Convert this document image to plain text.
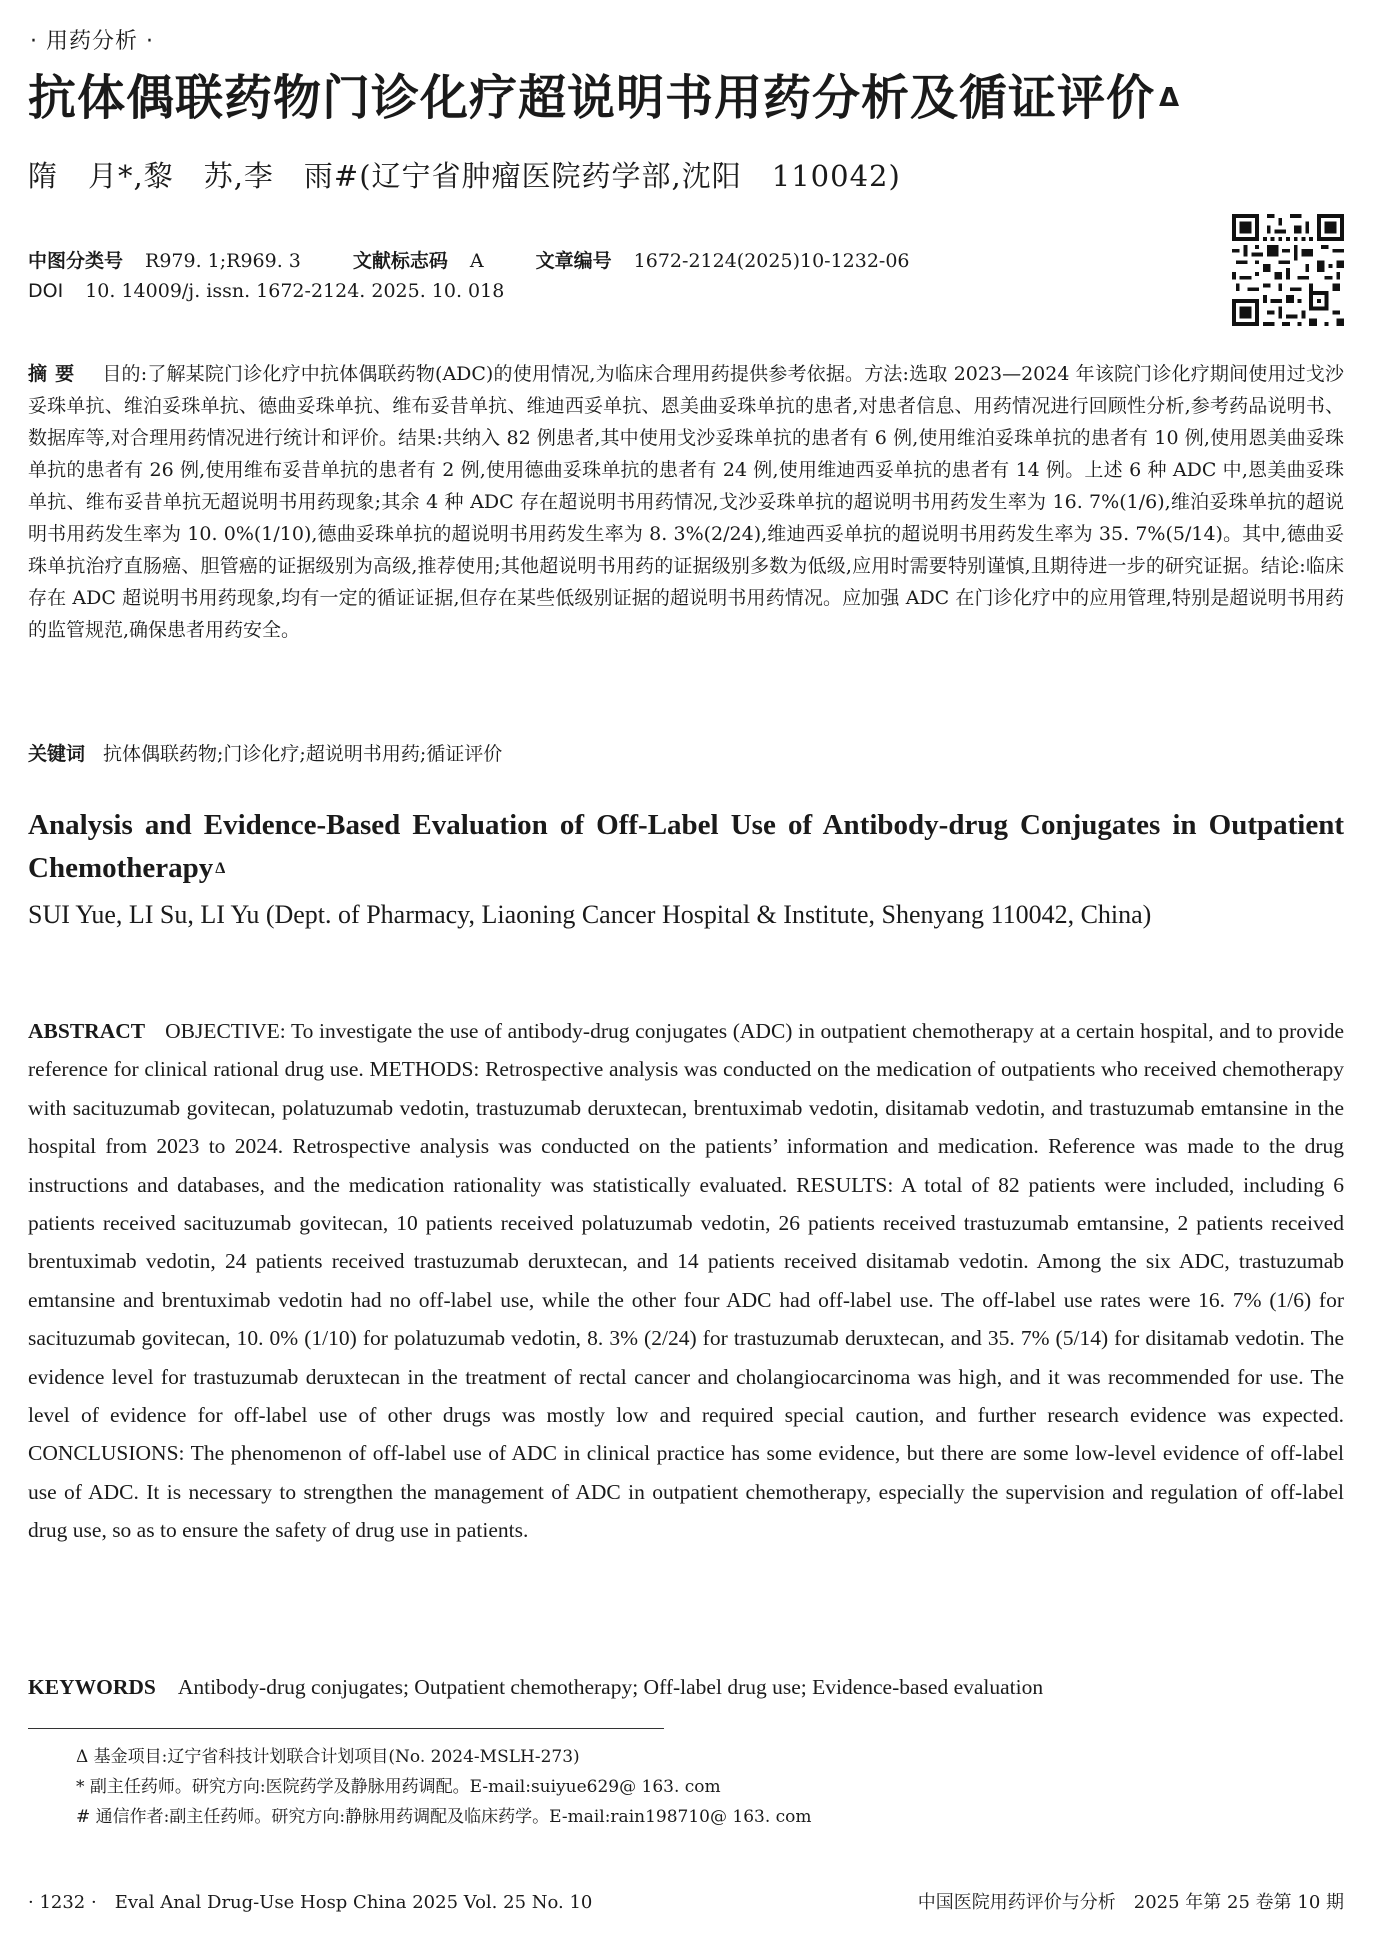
· 用药分析 ·
抗体偶联药物门诊化疗超说明书用药分析及循证评价 $^\Delta$
隋　月*,黎　苏,李　雨#(辽宁省肿瘤医院药学部,沈阳　110042)
中图分类号 R979. 1;R969. 3	文献标志码 A	文章编号 1672-2124(2025)10-1232-06
DOI 10. 14009/j. issn. 1672-2124. 2025. 10. 018
摘要 目的:了解某院门诊化疗中抗体偶联药物(ADC)的使用情况,为临床合理用药提供参考依据。方法:选取 2023—2024 年该院门诊化疗期间使用过戈沙妥珠单抗、维泊妥珠单抗、德曲妥珠单抗、维布妥昔单抗、维迪西妥单抗、恩美曲妥珠单抗的患者,对患者信息、用药情况进行回顾性分析,参考药品说明书、数据库等,对合理用药情况进行统计和评价。结果:共纳入 82 例患者,其中使用戈沙妥珠单抗的患者有 6 例,使用维泊妥珠单抗的患者有 10 例,使用恩美曲妥珠单抗的患者有 26 例,使用维布妥昔单抗的患者有 2 例,使用德曲妥珠单抗的患者有 24 例,使用维迪西妥单抗的患者有 14 例。上述 6 种 ADC 中,恩美曲妥珠单抗、维布妥昔单抗无超说明书用药现象;其余 4 种 ADC 存在超说明书用药情况,戈沙妥珠单抗的超说明书用药发生率为 16. 7%(1/6),维泊妥珠单抗的超说明书用药发生率为 10. 0%(1/10),德曲妥珠单抗的超说明书用药发生率为 8. 3%(2/24),维迪西妥单抗的超说明书用药发生率为 35. 7%(5/14)。其中,德曲妥珠单抗治疗直肠癌、胆管癌的证据级别为高级,推荐使用;其他超说明书用药的证据级别多数为低级,应用时需要特别谨慎,且期待进一步的研究证据。结论:临床存在 ADC 超说明书用药现象,均有一定的循证证据,但存在某些低级别证据的超说明书用药情况。应加强 ADC 在门诊化疗中的应用管理,特别是超说明书用药的监管规范,确保患者用药安全。
关键词 抗体偶联药物;门诊化疗;超说明书用药;循证评价
Analysis and Evidence-Based Evaluation of Off-Label Use of Antibody-drug Conjugates in Outpatient Chemotherapy $^\Delta$
SUI Yue, LI Su, LI Yu (Dept. of Pharmacy, Liaoning Cancer Hospital & Institute, Shenyang 110042, China)
ABSTRACT OBJECTIVE: To investigate the use of antibody-drug conjugates (ADC) in outpatient chemotherapy at a certain hospital, and to provide reference for clinical rational drug use. METHODS: Retrospective analysis was conducted on the medication of outpatients who received chemotherapy with sacituzumab govitecan, polatuzumab vedotin, trastuzumab deruxtecan, brentuximab vedotin, disitamab vedotin, and trastuzumab emtansine in the hospital from 2023 to 2024. Retrospective analysis was conducted on the patients’ information and medication. Reference was made to the drug instructions and databases, and the medication rationality was statistically evaluated. RESULTS: A total of 82 patients were included, including 6 patients received sacituzumab govitecan, 10 patients received polatuzumab vedotin, 26 patients received trastuzumab emtansine, 2 patients received brentuximab vedotin, 24 patients received trastuzumab deruxtecan, and 14 patients received disitamab vedotin. Among the six ADC, trastuzumab emtansine and brentuximab vedotin had no off-label use, while the other four ADC had off-label use. The off-label use rates were 16. 7% (1/6) for sacituzumab govitecan, 10. 0% (1/10) for polatuzumab vedotin, 8. 3% (2/24) for trastuzumab deruxtecan, and 35. 7% (5/14) for disitamab vedotin. The evidence level for trastuzumab deruxtecan in the treatment of rectal cancer and cholangiocarcinoma was high, and it was recommended for use. The level of evidence for off-label use of other drugs was mostly low and required special caution, and further research evidence was expected. CONCLUSIONS: The phenomenon of off-label use of ADC in clinical practice has some evidence, but there are some low-level evidence of off-label use of ADC. It is necessary to strengthen the management of ADC in outpatient chemotherapy, especially the supervision and regulation of off-label drug use, so as to ensure the safety of drug use in patients.
KEYWORDS Antibody-drug conjugates; Outpatient chemotherapy; Off-label drug use; Evidence-based evaluation
Δ 基金项目:辽宁省科技计划联合计划项目(No. 2024-MSLH-273)
* 副主任药师。研究方向:医院药学及静脉用药调配。E-mail:suiyue629@ 163. com
# 通信作者:副主任药师。研究方向:静脉用药调配及临床药学。E-mail:rain198710@ 163. com
· 1232 ·　Eval Anal Drug-Use Hosp China 2025 Vol. 25 No. 10	中国医院用药评价与分析　2025 年第 25 卷第 10 期
